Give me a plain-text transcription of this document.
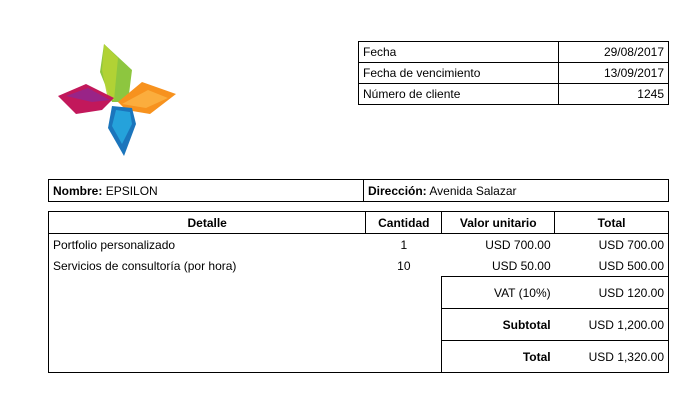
Fecha	29/08/2017
Fecha de vencimiento	13/09/2017
Número de cliente	1245
Nombre: EPSILON	Dirección: Avenida Salazar
Detalle	Cantidad	Valor unitario	Total
Portfolio personalizado	1	USD 700.00	USD 700.00
Servicios de consultoría (por hora)	10	USD 50.00	USD 500.00
		VAT (10%)	USD 120.00
		Subtotal	USD 1,200.00
		Total	USD 1,320.00
